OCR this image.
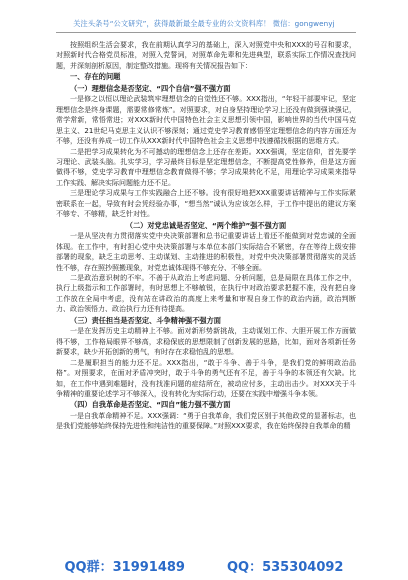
关注头条号“公文研究”，获得最新最全最专业的公文资料库！ 微信：gongwenyj

按照组织生活会要求，我在前期认真学习的基础上，深入对照党中央和XXX的号召和要求，对照新时代合格党员标准，对照入党誓词，对照革命先辈和先进典型，联系实际工作情况查找问题，并深刻剖析原因，制定整改措施。现将有关情况报告如下：

一、存在的问题

（一）理想信念是否坚定、“四个自信”强不强方面

一是修之以恒以理论武装筑牢理想信念的自觉性还不够。XXX指出，“年轻干部要牢记，坚定理想信念是终身课题，需要常修常炼”。对照要求，对自身坚持理论学习上还没有做到强读强记，常学常新，常悟常进；对XXX新时代中国特色社会主义思想引领中国，影响世界的当代中国马克思主义、21世纪马克思主义认识不够深刻；通过党史学习教育感悟坚定理想信念的内容方面还为不够，还没有养成一切工作从XXX新时代中国特色社会主义思想中找遵循找根据的思维方式。

二是把学习成果转化为不可撼动的理想信念上还存在差距。XXX强调，坚定信仰，首先要学习理论、武装头脑。扎实学习，学习最终目标是坚定理想信念，不断提高党性修养，但是这方面做得不够，党史学习教育中理想信念教育做得不够；学习成果转化不足，用理论学习成果来指导工作实践、解决实际问题能力还不足。

三是理论学习成果与工作实践融合上还不够。没有很好地把XXX重要讲话精神与工作实际紧密联系在一起，导致有时会凭经验办事，“想当然”诚认为应该怎么样，于工作中提出的建议方案不够专、不够精，缺乏针对性。

（二）对党忠诚是否坚定、“两个维护”强不强方面

一是从坚决有力贯彻落实党中央决策部署和总书记重要讲话上看还不能做到对党忠诚的全面体现。在工作中，有时担心党中央决策部署与本单位本部门实际结合不紧密，存在等待上级安排部署的现象，缺乏主动思考、主动谋划、主动推进的积极性，对党中央决策部署贯彻落实的灵活性不够，存在照抄照搬现象，对党忠诚体现得不够充分、不够全面。

二是政治意识树的不牢。不善于从政治上考虑问题、分析问题，总是局限在具体工作之中，执行上级指示和工作部署时，有时思想上不够敏锐，在执行中对政治要求把握不准，没有把自身工作放在全局中考虑，没有站在讲政治的高度上来考量和审视自身工作的政治内涵，政治判断力、政治领悟力、政治执行力还有待提高。

（三）责任担当是否坚定、斗争精神强不强方面

一是在发挥历史主动精神上不够。面对新形势新挑战，主动谋划工作、大胆开展工作方面做得不够，工作格局眼界不够高，求稳保底的思想限制了创新发展的思路，比如，面对各项新任务新要求，缺少开拓创新的勇气，有时存在求稳怕乱的思想。

二是履职担当的能力还不足。XXX指出，“敢于斗争、善于斗争，是我们党的鲜明政治品格”。对照要求，在面对矛盾冲突时，敢于斗争的勇气还有不足，善于斗争的本领还有欠缺。比如，在工作中遇到难题时，没有找准问题的症结所在，被动应付多，主动出击少。对XXX关于斗争精神的重要论述学习不够深入，没有转化为实际行动，还要在实践中增强斗争本领。

（四）自我革命是否坚定、“四自”能力强不强方面

一是自我革命精神不足。XXX强调：“勇于自我革命，我们党区别于其他政党的显著标志，也是我们党能够始终保持先进性和纯洁性的重要保障。”对照XXX要求，我在始终保持自我革命的精

QQ群：31991489	QQ：535304092
